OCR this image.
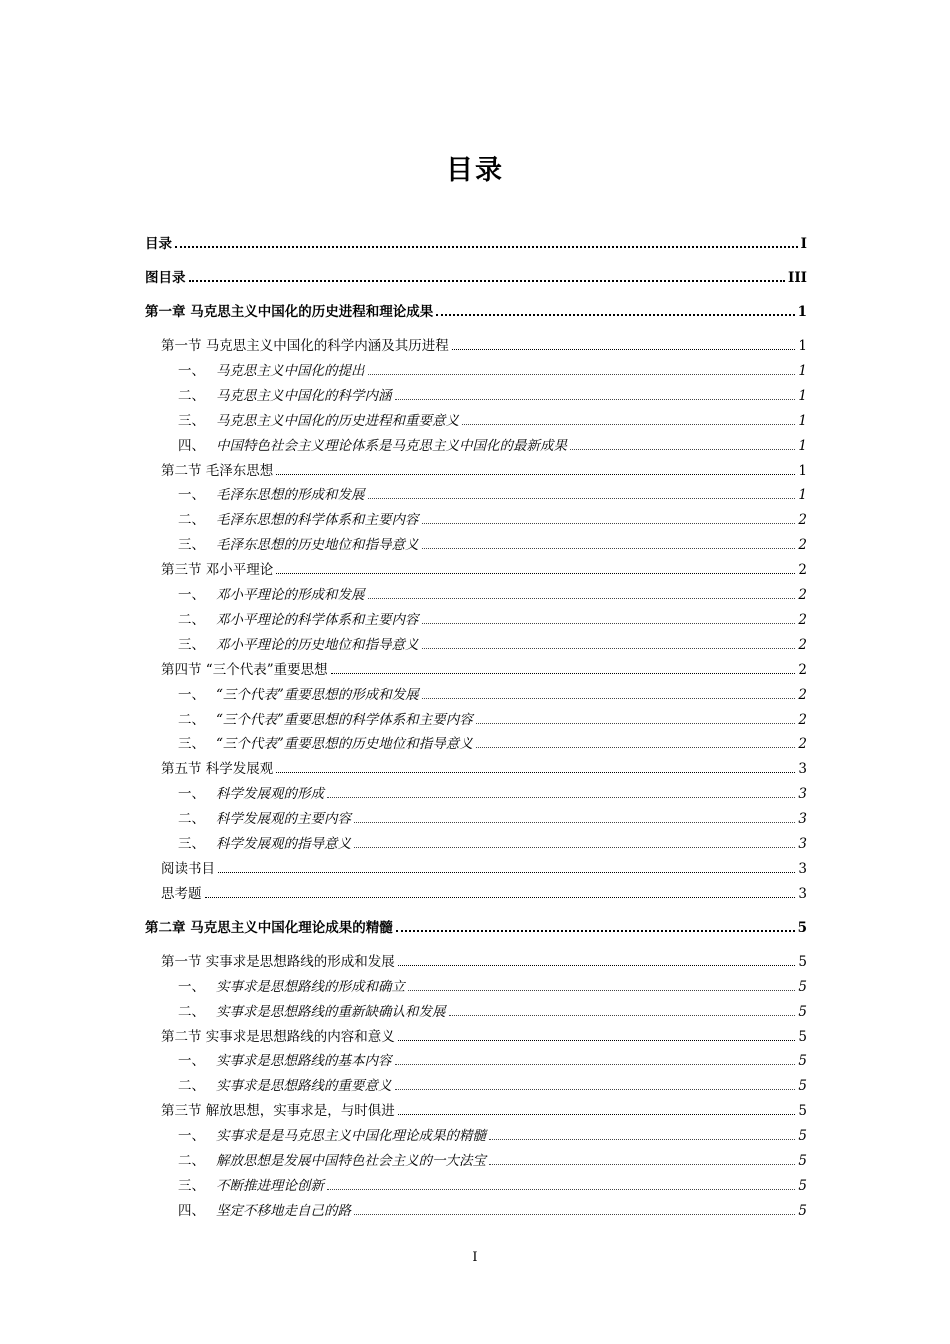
目录
目录	I
图目录	III
第一章 马克思主义中国化的历史进程和理论成果	1
第一节 马克思主义中国化的科学内涵及其历进程	1
一、 马克思主义中国化的提出	1
二、 马克思主义中国化的科学内涵	1
三、 马克思主义中国化的历史进程和重要意义	1
四、 中国特色社会主义理论体系是马克思主义中国化的最新成果	1
第二节 毛泽东思想	1
一、 毛泽东思想的形成和发展	1
二、 毛泽东思想的科学体系和主要内容	2
三、 毛泽东思想的历史地位和指导意义	2
第三节 邓小平理论	2
一、 邓小平理论的形成和发展	2
二、 邓小平理论的科学体系和主要内容	2
三、 邓小平理论的历史地位和指导意义	2
第四节 “三个代表”重要思想	2
一、 “三个代表”重要思想的形成和发展	2
二、 “三个代表”重要思想的科学体系和主要内容	2
三、 “三个代表”重要思想的历史地位和指导意义	2
第五节 科学发展观	3
一、 科学发展观的形成	3
二、 科学发展观的主要内容	3
三、 科学发展观的指导意义	3
阅读书目	3
思考题	3
第二章 马克思主义中国化理论成果的精髓	5
第一节 实事求是思想路线的形成和发展	5
一、 实事求是思想路线的形成和确立	5
二、 实事求是思想路线的重新缺确认和发展	5
第二节 实事求是思想路线的内容和意义	5
一、 实事求是思想路线的基本内容	5
二、 实事求是思想路线的重要意义	5
第三节 解放思想，实事求是，与时俱进	5
一、 实事求是是马克思主义中国化理论成果的精髓	5
二、 解放思想是发展中国特色社会主义的一大法宝	5
三、 不断推进理论创新	5
四、 坚定不移地走自己的路	5
I
